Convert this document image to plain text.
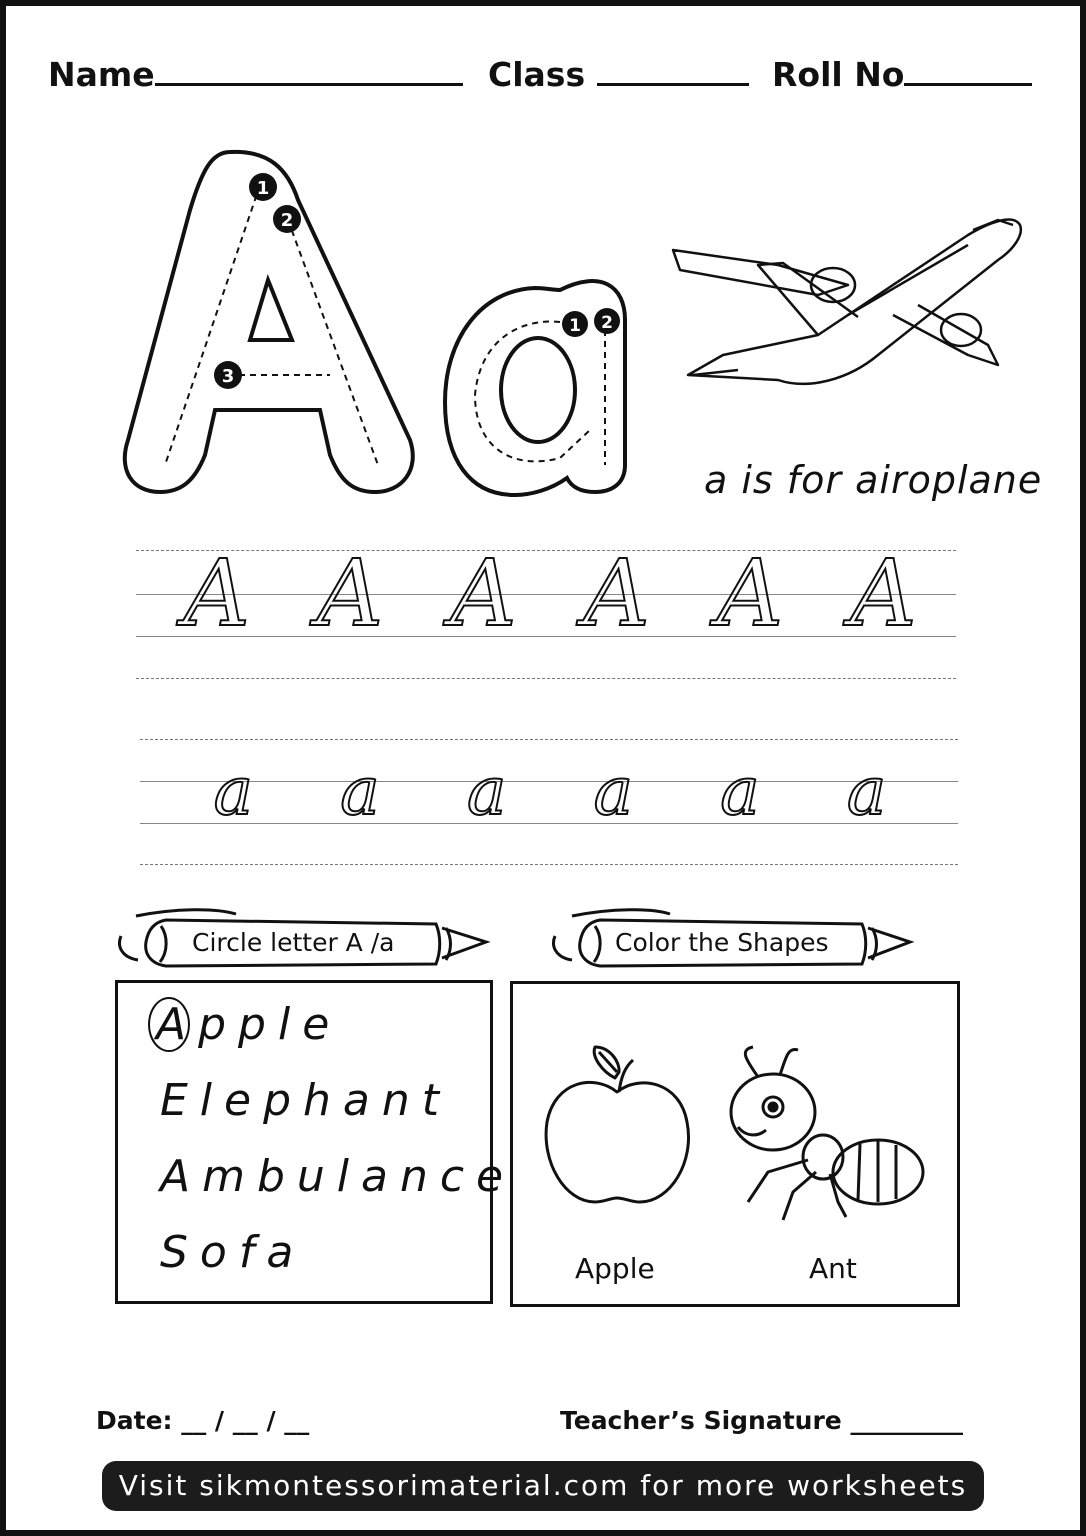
Name	Class	Roll No
1
2
3
1 2
a is for airoplane
A A A A A A
a a a a a a
Circle letter A /a	Color the Shapes
A pple
Elephant
Ambulance
Sofa	Apple	Ant
Date: __ / __ / __	Teacher’s Signature _________
Visit sikmontessorimaterial.com for more worksheets
